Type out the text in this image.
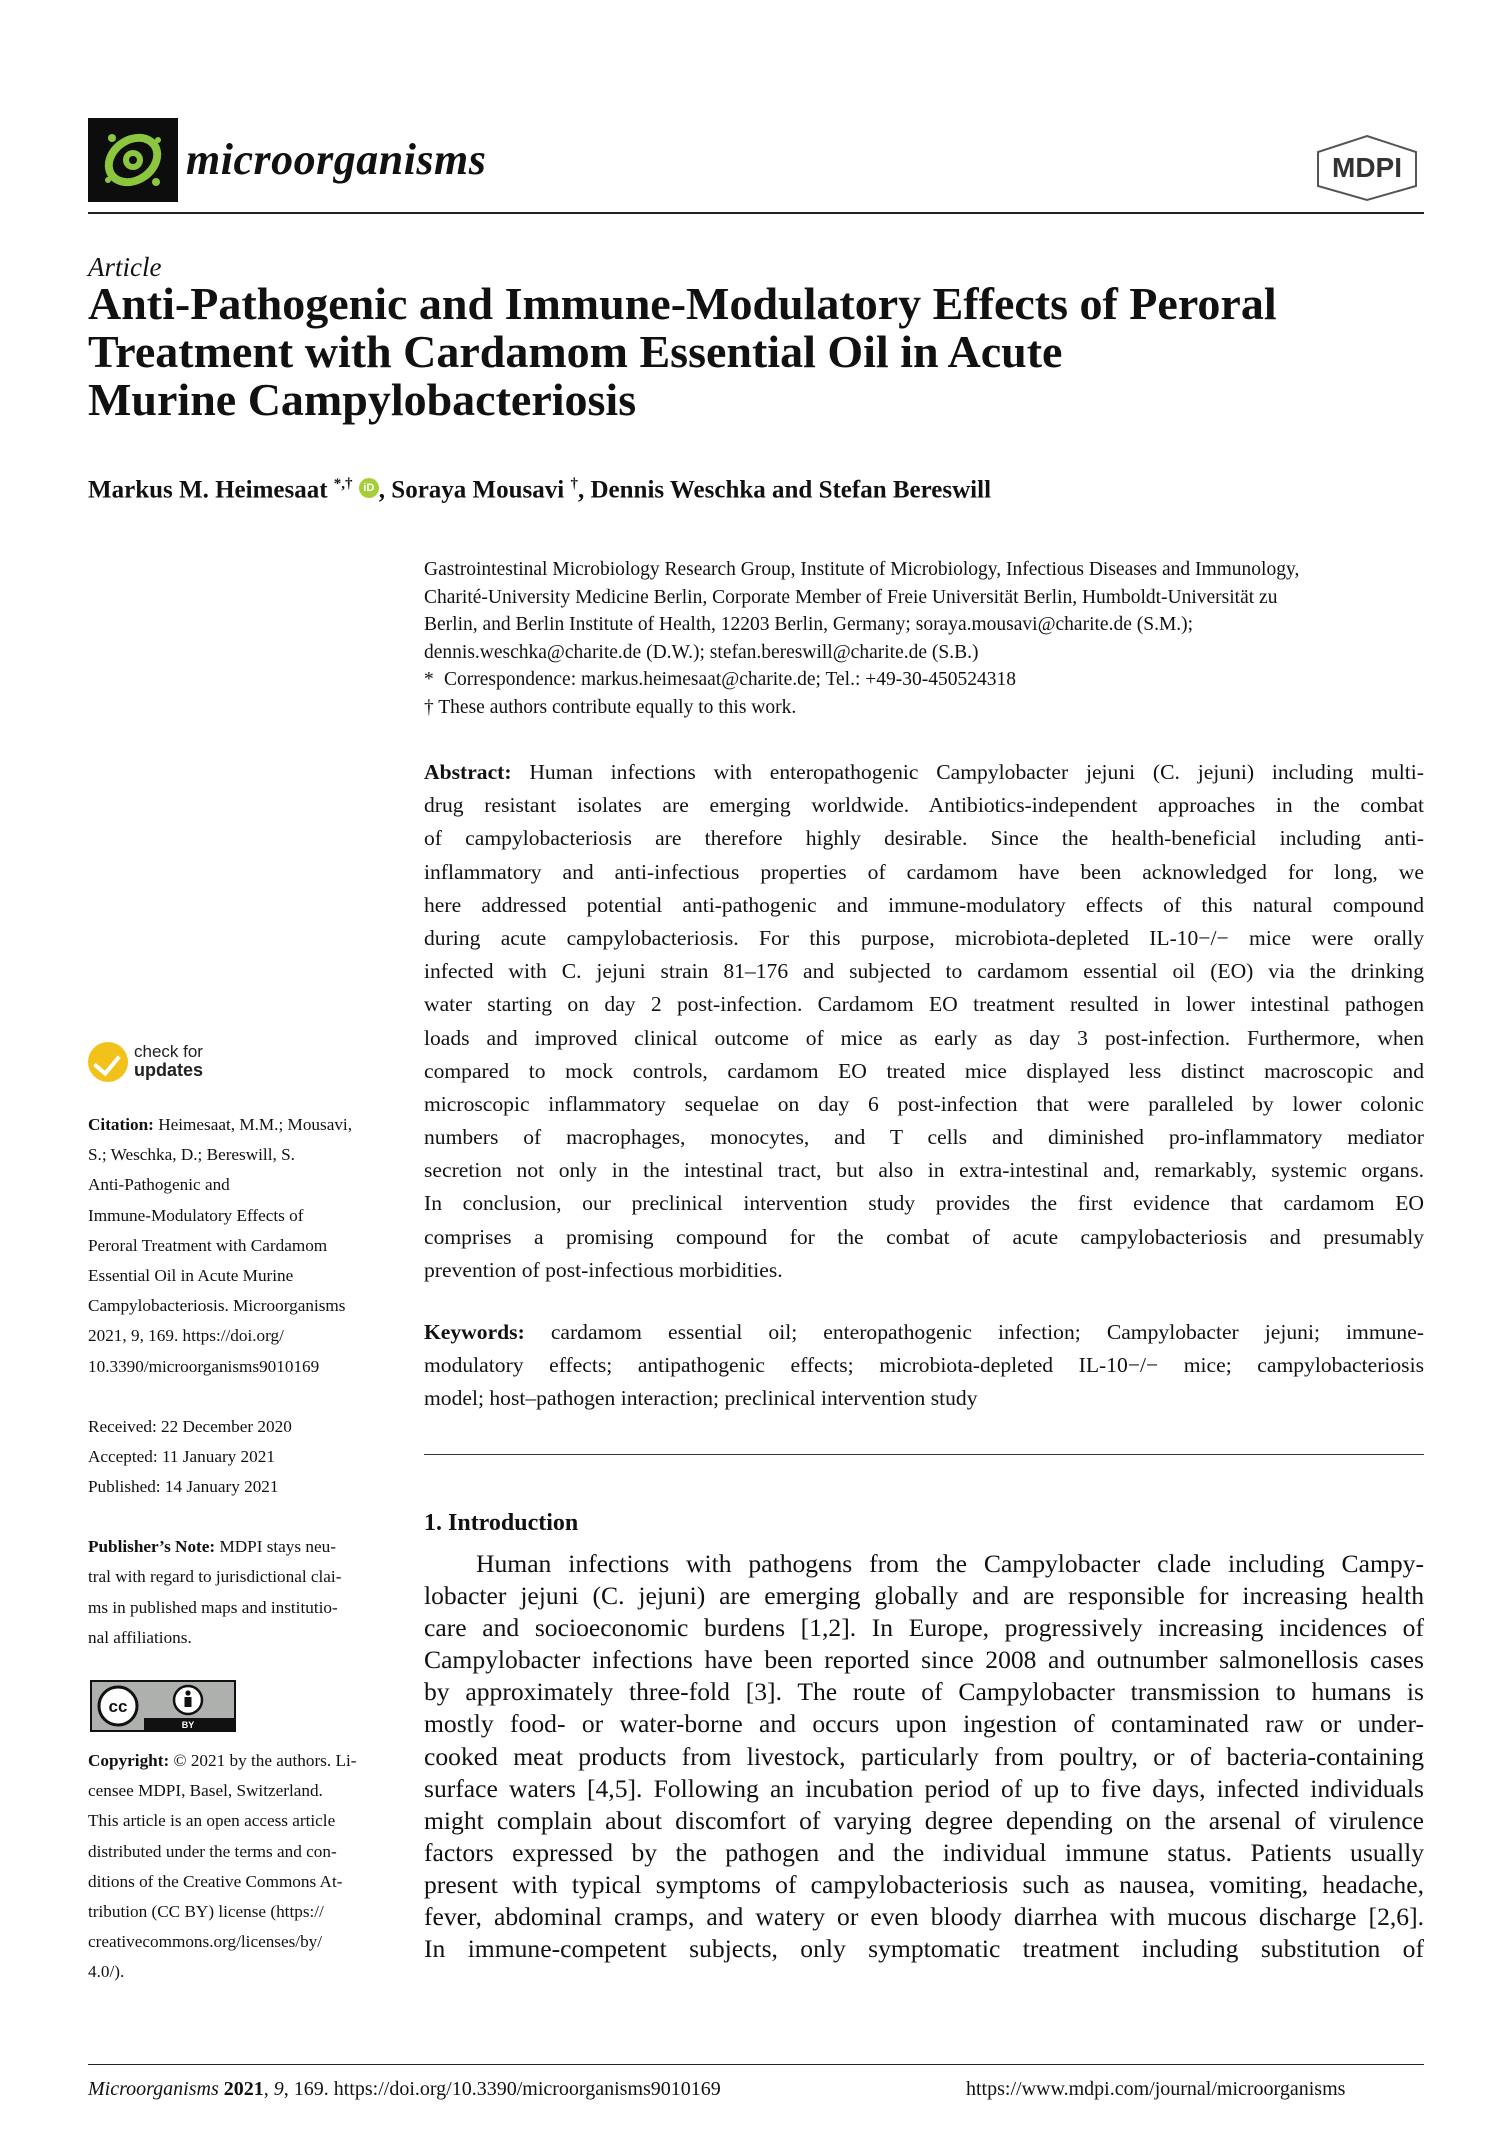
microorganisms	MDPI
Article
Anti-Pathogenic and Immune-Modulatory Effects of Peroral
Treatment with Cardamom Essential Oil in Acute
Murine Campylobacteriosis
Markus M. Heimesaat *,† iD , Soraya Mousavi †, Dennis Weschka and Stefan Bereswill
Gastrointestinal Microbiology Research Group, Institute of Microbiology, Infectious Diseases and Immunology,
Charité-University Medicine Berlin, Corporate Member of Freie Universität Berlin, Humboldt-Universität zu
Berlin, and Berlin Institute of Health, 12203 Berlin, Germany; soraya.mousavi@charite.de (S.M.);
dennis.weschka@charite.de (D.W.); stefan.bereswill@charite.de (S.B.)
* Correspondence: markus.heimesaat@charite.de; Tel.: +49-30-450524318
† These authors contribute equally to this work.
Abstract: Human infections with enteropathogenic Campylobacter jejuni (C. jejuni) including multi-
drug resistant isolates are emerging worldwide. Antibiotics-independent approaches in the combat
of campylobacteriosis are therefore highly desirable. Since the health-beneficial including anti-
inflammatory and anti-infectious properties of cardamom have been acknowledged for long, we
here addressed potential anti-pathogenic and immune-modulatory effects of this natural compound
during acute campylobacteriosis. For this purpose, microbiota-depleted IL-10−/− mice were orally
infected with C. jejuni strain 81–176 and subjected to cardamom essential oil (EO) via the drinking
water starting on day 2 post-infection. Cardamom EO treatment resulted in lower intestinal pathogen
loads and improved clinical outcome of mice as early as day 3 post-infection. Furthermore, when
compared to mock controls, cardamom EO treated mice displayed less distinct macroscopic and
microscopic inflammatory sequelae on day 6 post-infection that were paralleled by lower colonic
numbers of macrophages, monocytes, and T cells and diminished pro-inflammatory mediator
secretion not only in the intestinal tract, but also in extra-intestinal and, remarkably, systemic organs.
In conclusion, our preclinical intervention study provides the first evidence that cardamom EO
comprises a promising compound for the combat of acute campylobacteriosis and presumably
prevention of post-infectious morbidities.
Keywords: cardamom essential oil; enteropathogenic infection; Campylobacter jejuni; immune-
modulatory effects; antipathogenic effects; microbiota-depleted IL-10−/− mice; campylobacteriosis
model; host–pathogen interaction; preclinical intervention study
1. Introduction
Human infections with pathogens from the Campylobacter clade including Campy-
lobacter jejuni (C. jejuni) are emerging globally and are responsible for increasing health
care and socioeconomic burdens [1,2]. In Europe, progressively increasing incidences of
Campylobacter infections have been reported since 2008 and outnumber salmonellosis cases
by approximately three-fold [3]. The route of Campylobacter transmission to humans is
mostly food- or water-borne and occurs upon ingestion of contaminated raw or under-
cooked meat products from livestock, particularly from poultry, or of bacteria-containing
surface waters [4,5]. Following an incubation period of up to five days, infected individuals
might complain about discomfort of varying degree depending on the arsenal of virulence
factors expressed by the pathogen and the individual immune status. Patients usually
present with typical symptoms of campylobacteriosis such as nausea, vomiting, headache,
fever, abdominal cramps, and watery or even bloody diarrhea with mucous discharge [2,6].
In immune-competent subjects, only symptomatic treatment including substitution of
check for
updates
Citation: Heimesaat, M.M.; Mousavi,
S.; Weschka, D.; Bereswill, S.
Anti-Pathogenic and
Immune-Modulatory Effects of
Peroral Treatment with Cardamom
Essential Oil in Acute Murine
Campylobacteriosis. Microorganisms
2021, 9, 169. https://doi.org/
10.3390/microorganisms9010169
Received: 22 December 2020
Accepted: 11 January 2021
Published: 14 January 2021
Publisher’s Note: MDPI stays neu-
tral with regard to jurisdictional clai-
ms in published maps and institutio-
nal affiliations.
cc
BY
Copyright: © 2021 by the authors. Li-
censee MDPI, Basel, Switzerland.
This article is an open access article
distributed under the terms and con-
ditions of the Creative Commons At-
tribution (CC BY) license (https://
creativecommons.org/licenses/by/
4.0/).
Microorganisms 2021, 9, 169. https://doi.org/10.3390/microorganisms9010169	https://www.mdpi.com/journal/microorganisms
